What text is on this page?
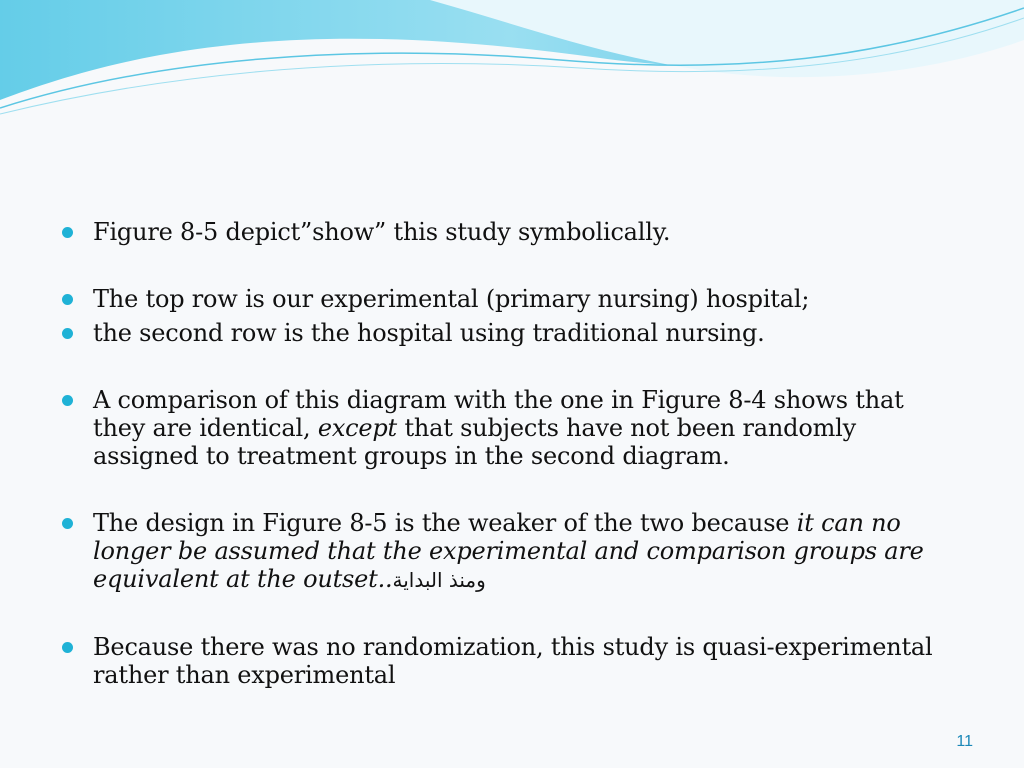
Figure 8-5 depict”show” this study symbolically.
The top row is our experimental (primary nursing) hospital;
the second row is the hospital using traditional nursing.
A comparison of this diagram with the one in Figure 8-4 shows that they are identical, except that subjects have not been randomly assigned to treatment groups in the second diagram.
The design in Figure 8-5 is the weaker of the two because it can no longer be assumed that the experimental and comparison groups are equivalent at the outset..ومنذ البداية
Because there was no randomization, this study is quasi-experimental rather than experimental
11
